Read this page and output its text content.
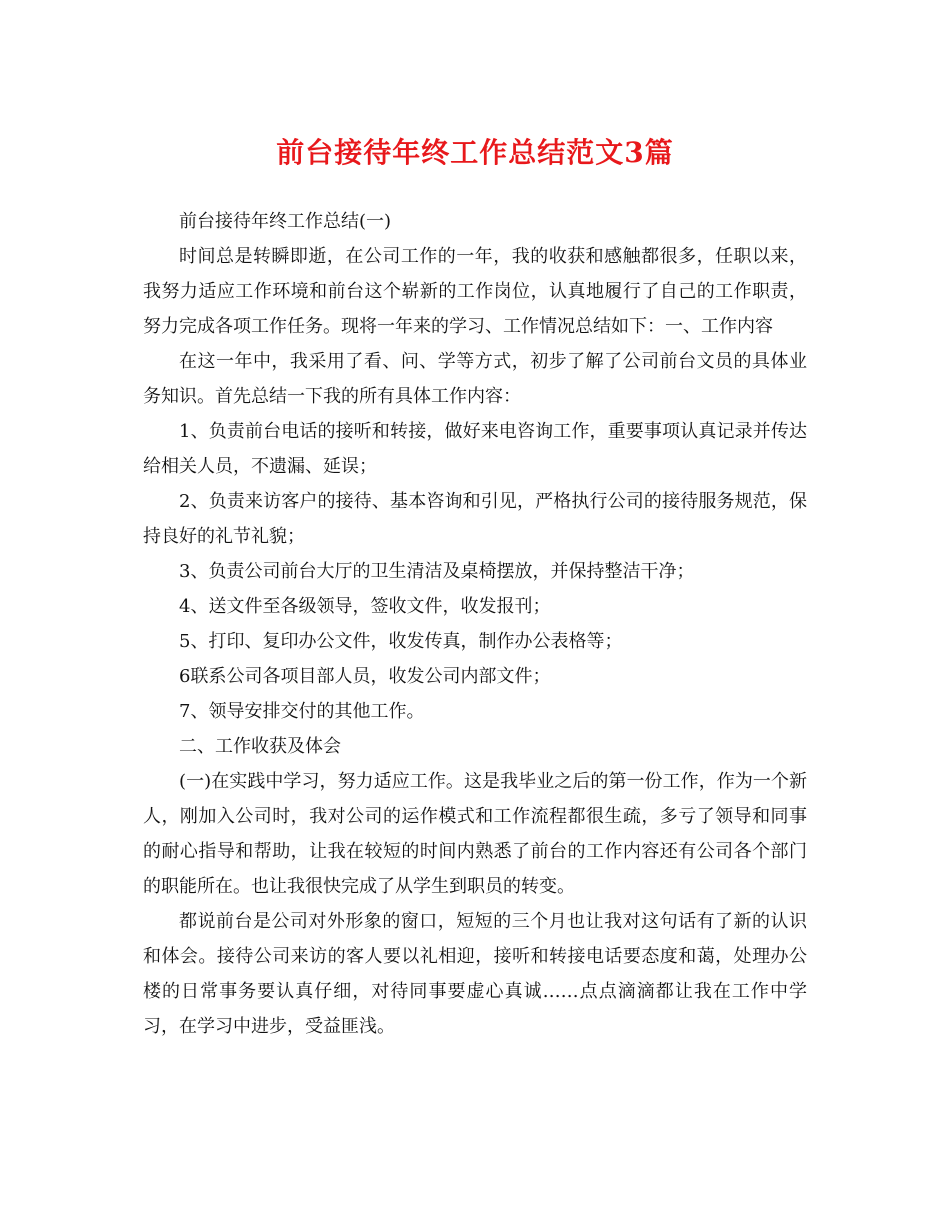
前台接待年终工作总结范文3篇

前台接待年终工作总结(一)

时间总是转瞬即逝，在公司工作的一年，我的收获和感触都很多，任职以来，我努力适应工作环境和前台这个崭新的工作岗位，认真地履行了自己的工作职责，努力完成各项工作任务。现将一年来的学习、工作情况总结如下：一、工作内容

在这一年中，我采用了看、问、学等方式，初步了解了公司前台文员的具体业务知识。首先总结一下我的所有具体工作内容：

1、负责前台电话的接听和转接，做好来电咨询工作，重要事项认真记录并传达给相关人员，不遗漏、延误；

2、负责来访客户的接待、基本咨询和引见，严格执行公司的接待服务规范，保持良好的礼节礼貌；

3、负责公司前台大厅的卫生清洁及桌椅摆放，并保持整洁干净；

4、送文件至各级领导，签收文件，收发报刊；

5、打印、复印办公文件，收发传真，制作办公表格等；

6联系公司各项目部人员，收发公司内部文件；

7、领导安排交付的其他工作。

二、工作收获及体会

(一)在实践中学习，努力适应工作。这是我毕业之后的第一份工作，作为一个新人，刚加入公司时，我对公司的运作模式和工作流程都很生疏，多亏了领导和同事的耐心指导和帮助，让我在较短的时间内熟悉了前台的工作内容还有公司各个部门的职能所在。也让我很快完成了从学生到职员的转变。

都说前台是公司对外形象的窗口，短短的三个月也让我对这句话有了新的认识和体会。接待公司来访的客人要以礼相迎，接听和转接电话要态度和蔼，处理办公楼的日常事务要认真仔细，对待同事要虚心真诚……点点滴滴都让我在工作中学习，在学习中进步，受益匪浅。
